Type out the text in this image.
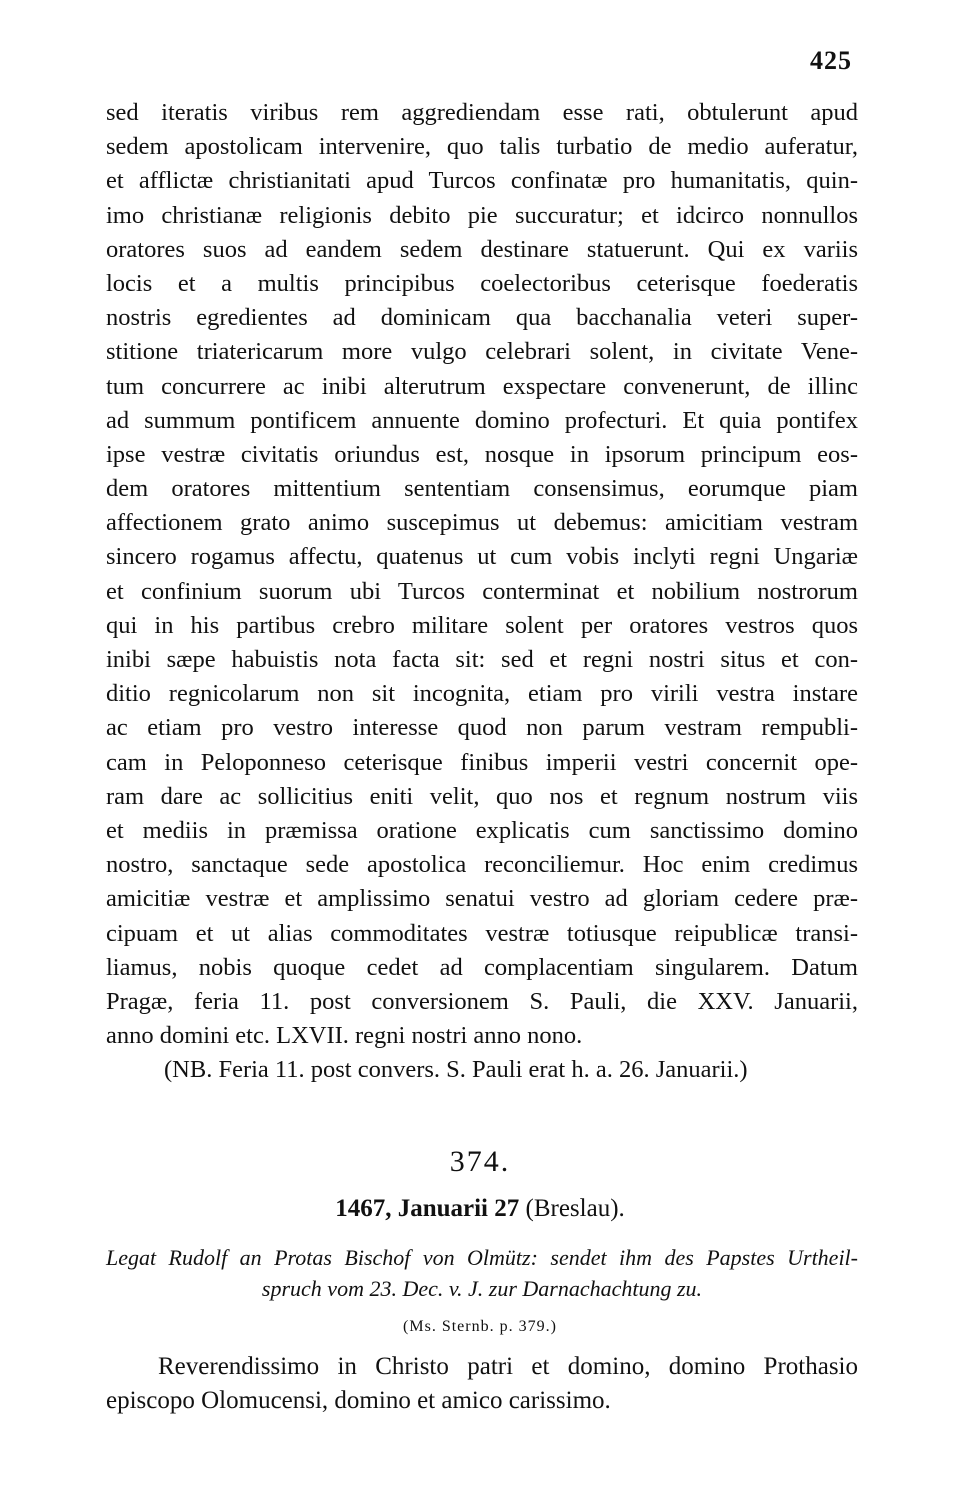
425
sed iteratis viribus rem aggrediendam esse rati, obtulerunt apud
sedem apostolicam intervenire, quo talis turbatio de medio auferatur,
et afflictæ christianitati apud Turcos confinatæ pro humanitatis, quin-
imo christianæ religionis debito pie succuratur; et idcirco nonnullos
oratores suos ad eandem sedem destinare statuerunt. Qui ex variis
locis et a multis principibus coelectoribus ceterisque foederatis
nostris egredientes ad dominicam qua bacchanalia veteri super-
stitione triatericarum more vulgo celebrari solent, in civitate Vene-
tum concurrere ac inibi alterutrum exspectare convenerunt, de illinc
ad summum pontificem annuente domino profecturi. Et quia pontifex
ipse vestræ civitatis oriundus est, nosque in ipsorum principum eos-
dem oratores mittentium sententiam consensimus, eorumque piam
affectionem grato animo suscepimus ut debemus: amicitiam vestram
sincero rogamus affectu, quatenus ut cum vobis inclyti regni Ungariæ
et confinium suorum ubi Turcos conterminat et nobilium nostrorum
qui in his partibus crebro militare solent per oratores vestros quos
inibi sæpe habuistis nota facta sit: sed et regni nostri situs et con-
ditio regnicolarum non sit incognita, etiam pro virili vestra instare
ac etiam pro vestro interesse quod non parum vestram rempubli-
cam in Peloponneso ceterisque finibus imperii vestri concernit ope-
ram dare ac sollicitius eniti velit, quo nos et regnum nostrum viis
et mediis in præmissa oratione explicatis cum sanctissimo domino
nostro, sanctaque sede apostolica reconciliemur. Hoc enim credimus
amicitiæ vestræ et amplissimo senatui vestro ad gloriam cedere præ-
cipuam et ut alias commoditates vestræ totiusque reipublicæ transi-
liamus, nobis quoque cedet ad complacentiam singularem. Datum
Pragæ, feria 11. post conversionem S. Pauli, die XXV. Januarii,
anno domini etc. LXVII. regni nostri anno nono.
(NB. Feria 11. post convers. S. Pauli erat h. a. 26. Januarii.)
374.
1467, Januarii 27 (Breslau).
Legat Rudolf an Protas Bischof von Olmütz: sendet ihm des Papstes Urtheil-
spruch vom 23. Dec. v. J. zur Darnachachtung zu.
(Ms. Sternb. p. 379.)
Reverendissimo in Christo patri et domino, domino Prothasio
episcopo Olomucensi, domino et amico carissimo.
